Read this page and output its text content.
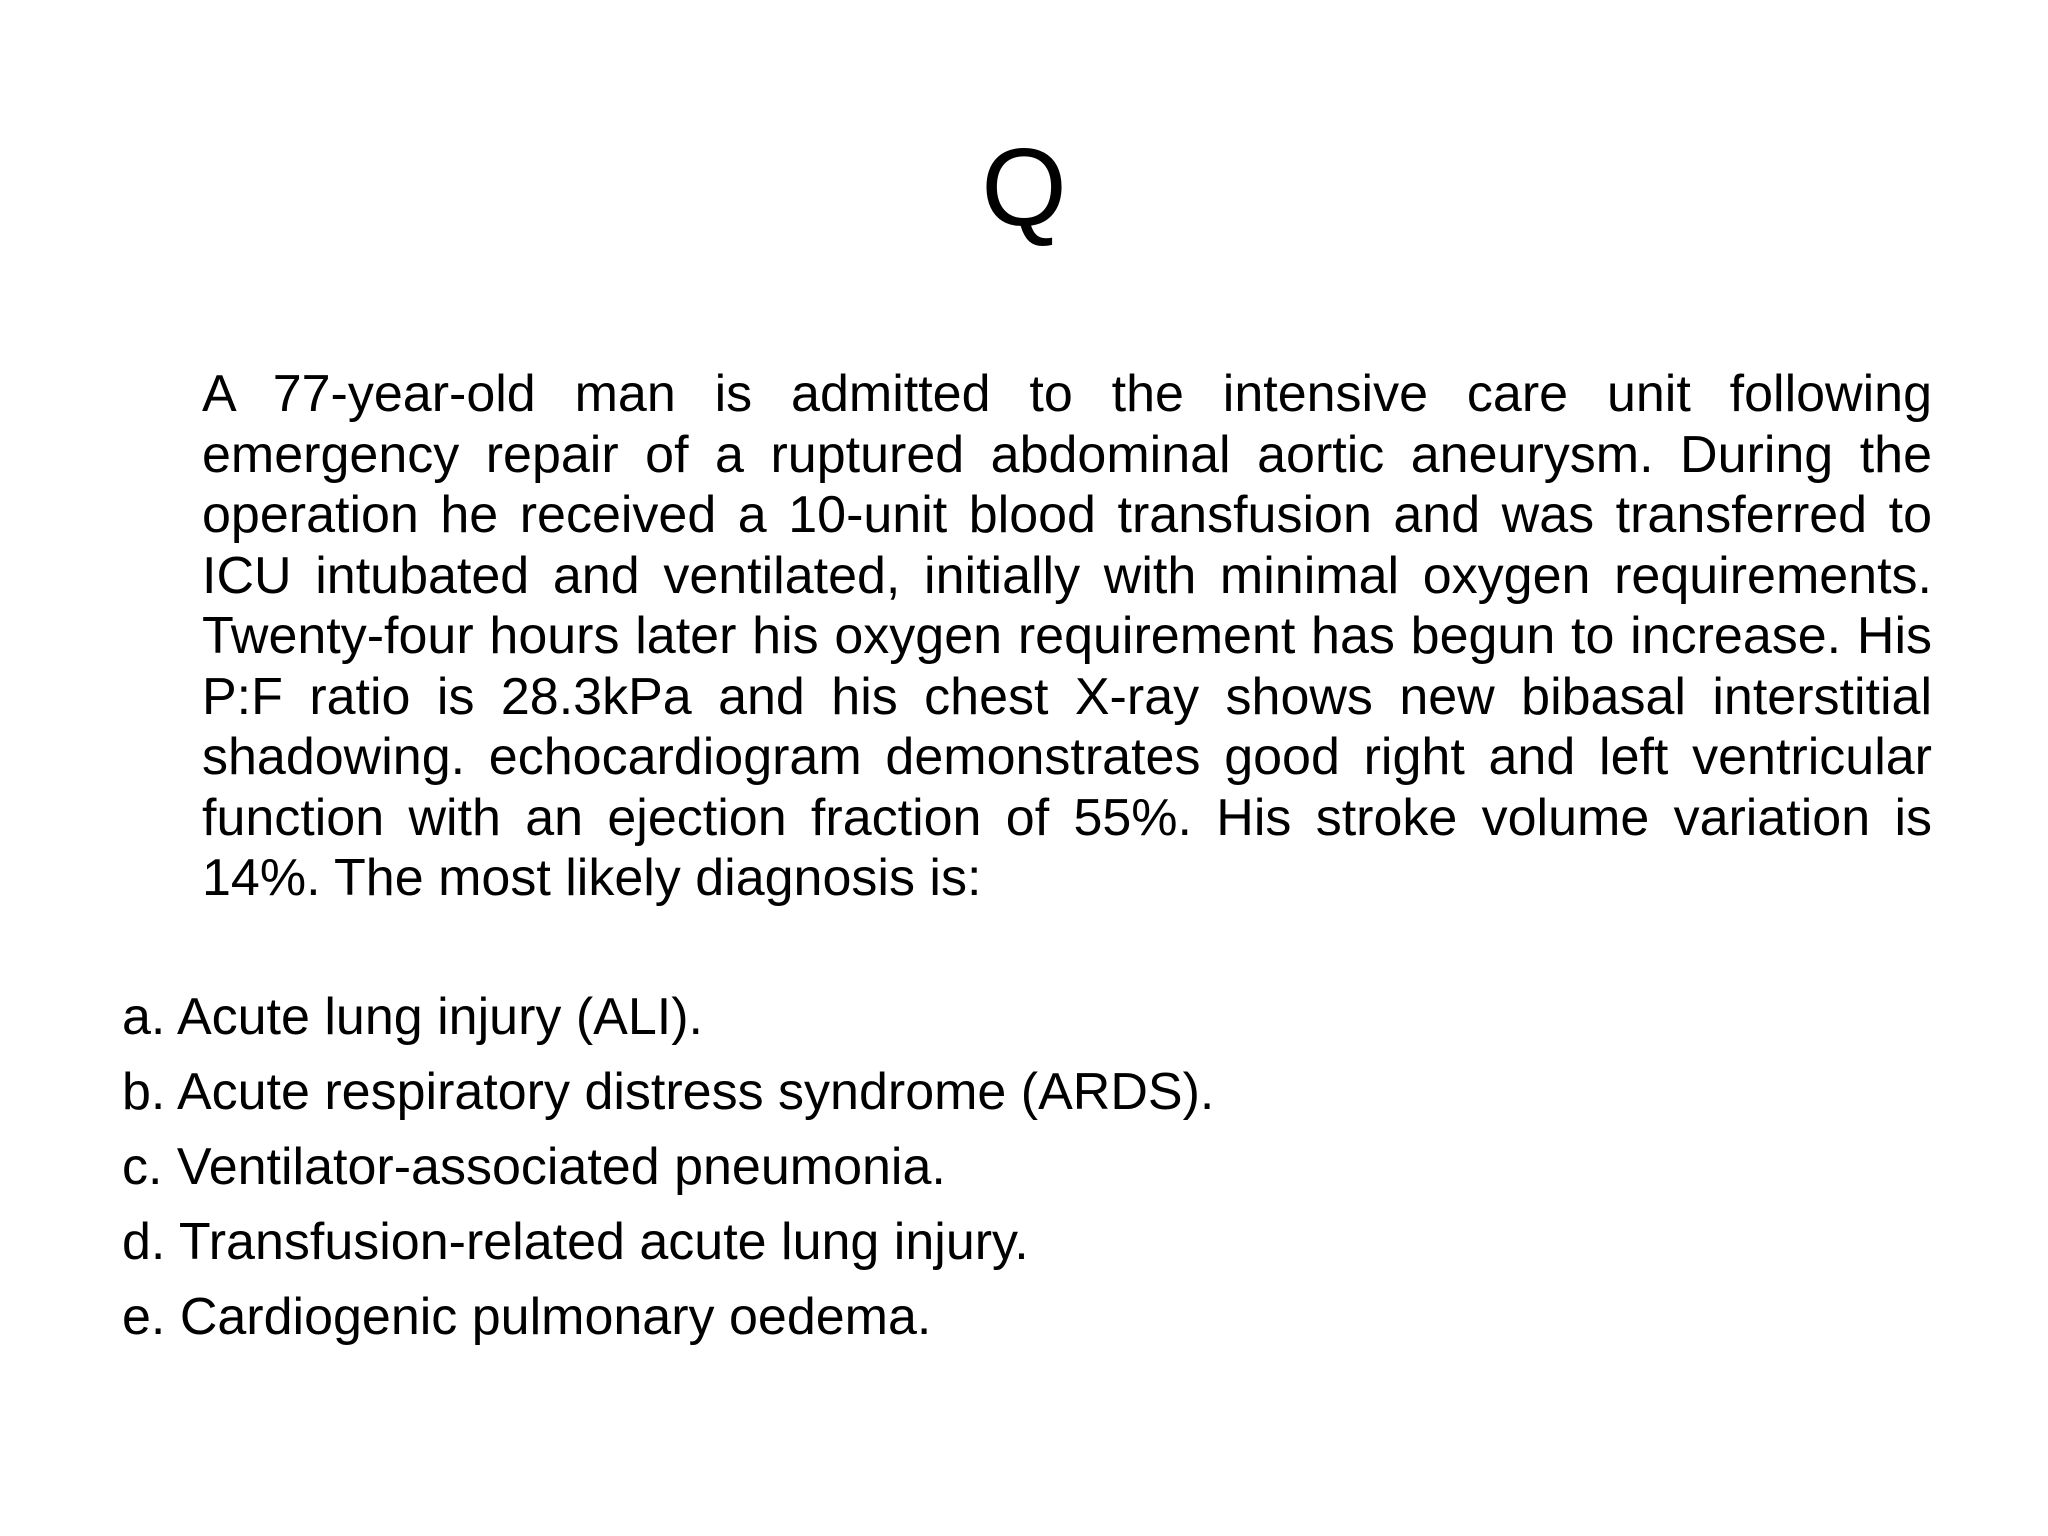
Q
A 77-year-old man is admitted to the intensive care unit following emergency repair of a ruptured abdominal aortic aneurysm. During the operation he received a 10-unit blood transfusion and was transferred to ICU intubated and ventilated, initially with minimal oxygen requirements. Twenty-four hours later his oxygen requirement has begun to increase. His P:F ratio is 28.3kPa and his chest X-ray shows new bibasal interstitial shadowing. echocardiogram demonstrates good right and left ventricular function with an ejection fraction of 55%. His stroke volume variation is 14%. The most likely diagnosis is:
a. Acute lung injury (ALI).
b. Acute respiratory distress syndrome (ARDS).
c. Ventilator-associated pneumonia.
d. Transfusion-related acute lung injury.
e. Cardiogenic pulmonary oedema.
